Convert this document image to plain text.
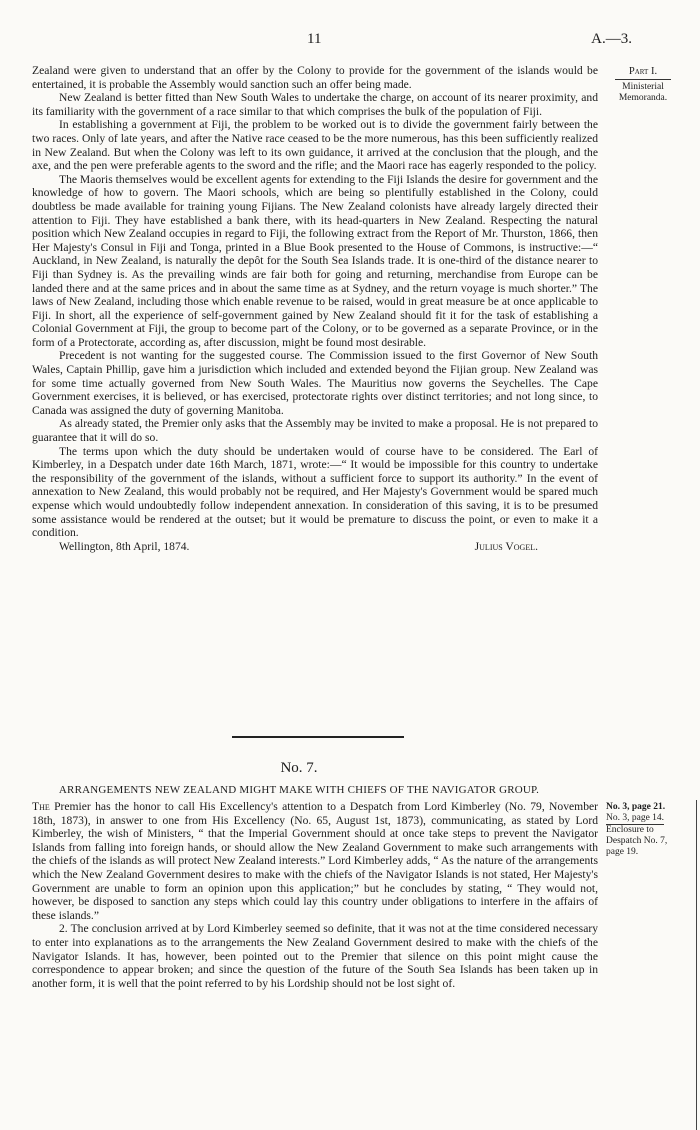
11	A.—3.
Part I.
Ministerial
Memoranda.

Zealand were given to understand that an offer by the Colony to provide for the government of the islands would be entertained, it is probable the Assembly would sanction such an offer being made.

New Zealand is better fitted than New South Wales to undertake the charge, on account of its nearer proximity, and its familiarity with the government of a race similar to that which comprises the bulk of the population of Fiji.

In establishing a government at Fiji, the problem to be worked out is to divide the government fairly between the two races. Only of late years, and after the Native race ceased to be the more numerous, has this been sufficiently realized in New Zealand. But when the Colony was left to its own guidance, it arrived at the conclusion that the plough, and the axe, and the pen were preferable agents to the sword and the rifle; and the Maori race has eagerly responded to the policy.

The Maoris themselves would be excellent agents for extending to the Fiji Islands the desire for government and the knowledge of how to govern. The Maori schools, which are being so plentifully established in the Colony, could doubtless be made available for training young Fijians. The New Zealand colonists have already largely directed their attention to Fiji. They have established a bank there, with its head-quarters in New Zealand. Respecting the natural position which New Zealand occupies in regard to Fiji, the following extract from the Report of Mr. Thurston, 1866, then Her Majesty's Consul in Fiji and Tonga, printed in a Blue Book presented to the House of Commons, is instructive:—“ Auckland, in New Zealand, is naturally the depôt for the South Sea Islands trade. It is one-third of the distance nearer to Fiji than Sydney is. As the prevailing winds are fair both for going and returning, merchandise from Europe can be landed there and at the same prices and in about the same time as at Sydney, and the return voyage is much shorter.” The laws of New Zealand, including those which enable revenue to be raised, would in great measure be at once applicable to Fiji. In short, all the experience of self-government gained by New Zealand should fit it for the task of establishing a Colonial Government at Fiji, the group to become part of the Colony, or to be governed as a separate Province, or in the form of a Protectorate, according as, after discussion, might be found most desirable.

Precedent is not wanting for the suggested course. The Commission issued to the first Governor of New South Wales, Captain Phillip, gave him a jurisdiction which included and extended beyond the Fijian group. New Zealand was for some time actually governed from New South Wales. The Mauritius now governs the Seychelles. The Cape Government exercises, it is believed, or has exercised, protectorate rights over distinct territories; and not long since, to Canada was assigned the duty of governing Manitoba.

As already stated, the Premier only asks that the Assembly may be invited to make a proposal. He is not prepared to guarantee that it will do so.

The terms upon which the duty should be undertaken would of course have to be considered. The Earl of Kimberley, in a Despatch under date 16th March, 1871, wrote:—“ It would be impossible for this country to undertake the responsibility of the government of the islands, without a sufficient force to support its authority.” In the event of annexation to New Zealand, this would probably not be required, and Her Majesty's Government would be spared much expense which would undoubtedly follow independent annexation. In consideration of this saving, it is to be presumed some assistance would be rendered at the outset; but it would be premature to discuss the point, or even to make it a condition.

Wellington, 8th April, 1874.	Julius Vogel.
No. 7.
ARRANGEMENTS NEW ZEALAND MIGHT MAKE WITH CHIEFS OF THE NAVIGATOR GROUP.

The Premier has the honor to call His Excellency's attention to a Despatch from Lord Kimberley (No. 79, November 18th, 1873), in answer to one from His Excellency (No. 65, August 1st, 1873), communicating, as stated by Lord Kimberley, the wish of Ministers, “ that the Imperial Government should at once take steps to prevent the Navigator Islands from falling into foreign hands, or should allow the New Zealand Government to make such arrangements with the chiefs of the islands as will protect New Zealand interests.” Lord Kimberley adds, “ As the nature of the arrangements which the New Zealand Government desires to make with the chiefs of the Navigator Islands is not stated, Her Majesty's Government are unable to form an opinion upon this application;” but he concludes by stating, “ They would not, however, be disposed to sanction any steps which could lay this country under obligations to interfere in the affairs of these islands.”

2. The conclusion arrived at by Lord Kimberley seemed so definite, that it was not at the time considered necessary to enter into explanations as to the arrangements the New Zealand Government desired to make with the chiefs of the Navigator Islands. It has, however, been pointed out to the Premier that silence on this point might cause the correspondence to appear broken; and since the question of the future of the South Sea Islands has been taken up in another form, it is well that the point referred to by his Lordship should not be lost sight of.

No. 3, page 21.
No. 3, page 14.
Enclosure to
Despatch No. 7,
page 19.
